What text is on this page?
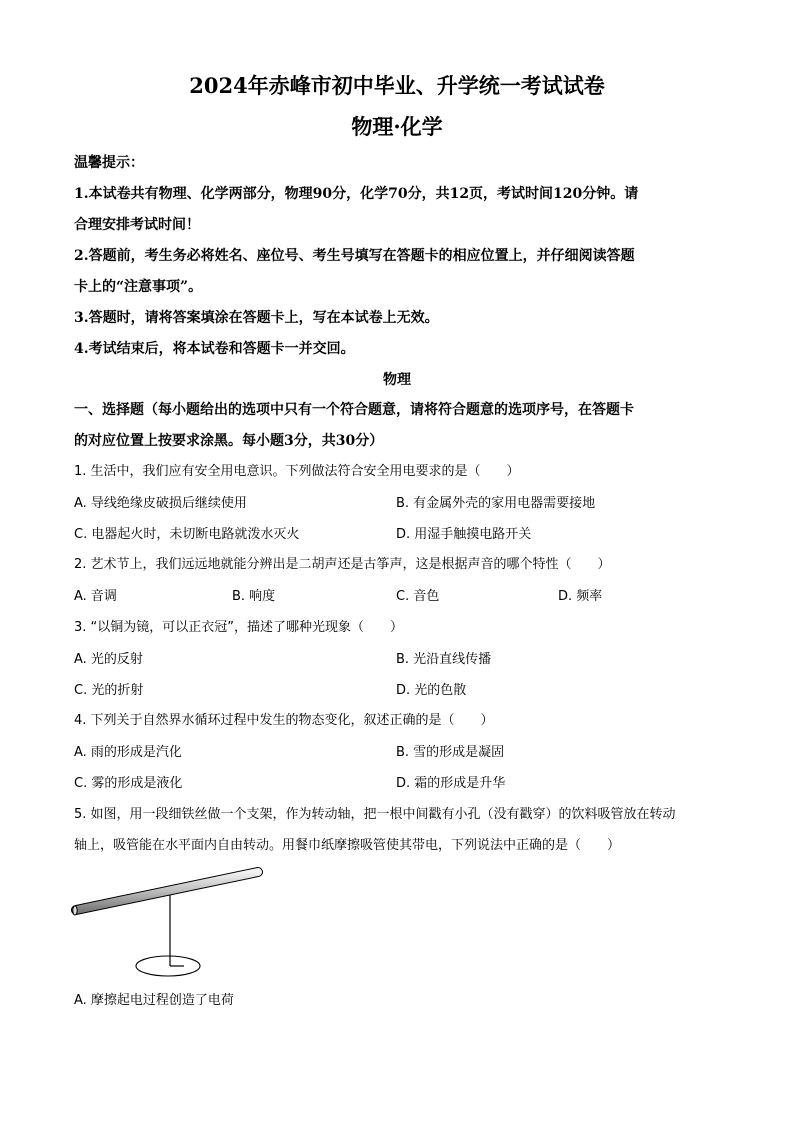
2024年赤峰市初中毕业、升学统一考试试卷
物理·化学

温馨提示：

1.本试卷共有物理、化学两部分，物理90分，化学70分，共12页，考试时间120分钟。请

合理安排考试时间！

2.答题前，考生务必将姓名、座位号、考生号填写在答题卡的相应位置上，并仔细阅读答题

卡上的“注意事项”。

3.答题时，请将答案填涂在答题卡上，写在本试卷上无效。

4.考试结束后，将本试卷和答题卡一并交回。

物理

一、选择题（每小题给出的选项中只有一个符合题意，请将符合题意的选项序号，在答题卡

的对应位置上按要求涂黑。每小题3分，共30分）

1. 生活中，我们应有安全用电意识。下列做法符合安全用电要求的是（　　）
A. 导线绝缘皮破损后继续使用	B. 有金属外壳的家用电器需要接地
C. 电器起火时，未切断电路就泼水灭火	D. 用湿手触摸电路开关
2. 艺术节上，我们远远地就能分辨出是二胡声还是古筝声，这是根据声音的哪个特性（　　）
A. 音调	B. 响度	C. 音色	D. 频率
3. “以铜为镜，可以正衣冠”，描述了哪种光现象（　　）
A. 光的反射	B. 光沿直线传播
C. 光的折射	D. 光的色散
4. 下列关于自然界水循环过程中发生的物态变化，叙述正确的是（　　）
A. 雨的形成是汽化	B. 雪的形成是凝固
C. 雾的形成是液化	D. 霜的形成是升华

5. 如图，用一段细铁丝做一个支架，作为转动轴，把一根中间戳有小孔（没有戳穿）的饮料吸管放在转动

轴上，吸管能在水平面内自由转动。用餐巾纸摩擦吸管使其带电，下列说法中正确的是（　　）

A. 摩擦起电过程创造了电荷
